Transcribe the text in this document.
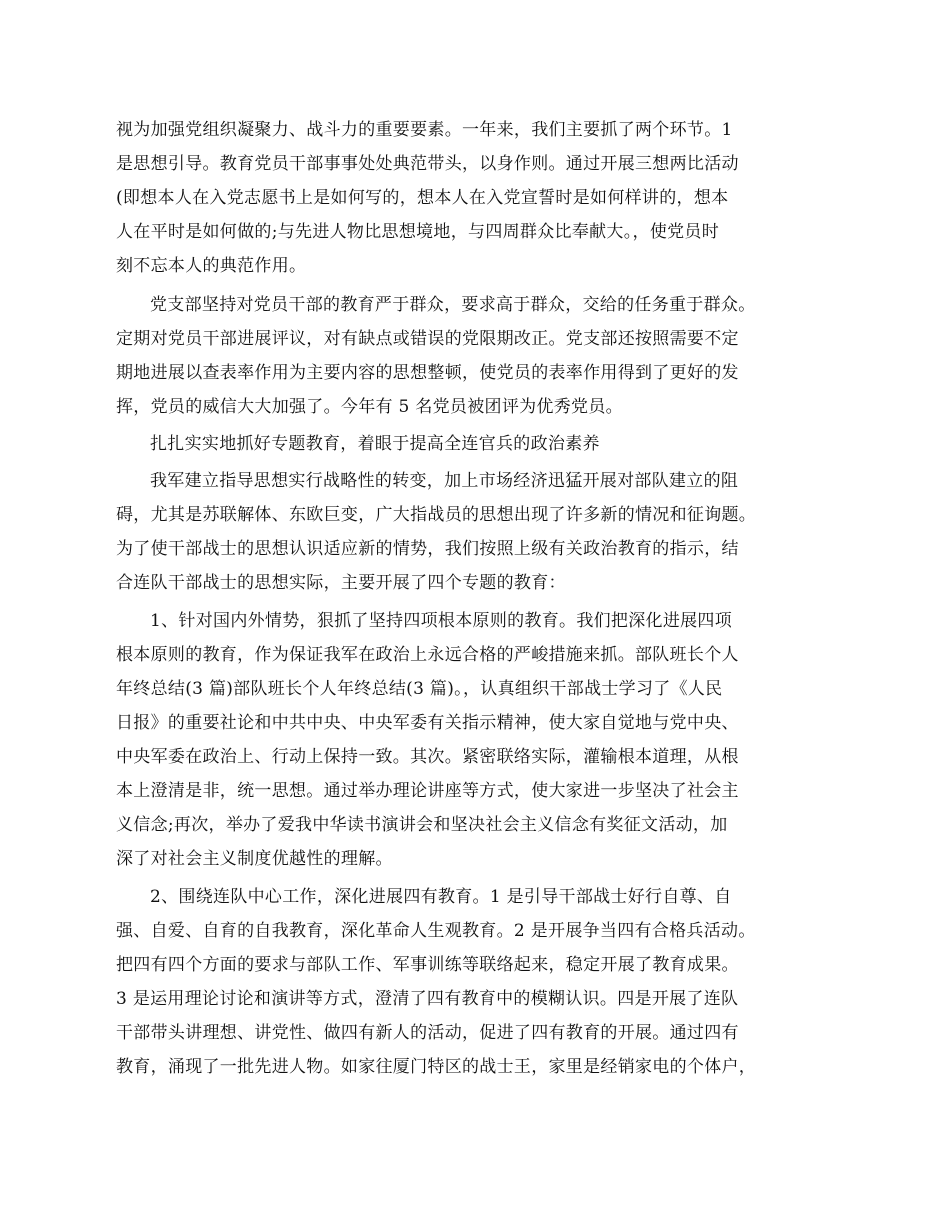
视为加强党组织凝聚力、战斗力的重要要素。一年来，我们主要抓了两个环节。1
是思想引导。教育党员干部事事处处典范带头，以身作则。通过开展三想两比活动
(即想本人在入党志愿书上是如何写的，想本人在入党宣誓时是如何样讲的，想本
人在平时是如何做的;与先进人物比思想境地，与四周群众比奉献大。，使党员时
刻不忘本人的典范作用。
党支部坚持对党员干部的教育严于群众，要求高于群众，交给的任务重于群众。
定期对党员干部进展评议，对有缺点或错误的党限期改正。党支部还按照需要不定
期地进展以查表率作用为主要内容的思想整顿，使党员的表率作用得到了更好的发
挥，党员的威信大大加强了。今年有 5 名党员被团评为优秀党员。
扎扎实实地抓好专题教育，着眼于提高全连官兵的政治素养
我军建立指导思想实行战略性的转变，加上市场经济迅猛开展对部队建立的阻
碍，尤其是苏联解体、东欧巨变，广大指战员的思想出现了许多新的情况和征询题。
为了使干部战士的思想认识适应新的情势，我们按照上级有关政治教育的指示，结
合连队干部战士的思想实际，主要开展了四个专题的教育：
1、针对国内外情势，狠抓了坚持四项根本原则的教育。我们把深化进展四项
根本原则的教育，作为保证我军在政治上永远合格的严峻措施来抓。部队班长个人
年终总结(3 篇)部队班长个人年终总结(3 篇)。，认真组织干部战士学习了《人民
日报》的重要社论和中共中央、中央军委有关指示精神，使大家自觉地与党中央、
中央军委在政治上、行动上保持一致。其次。紧密联络实际，灌输根本道理，从根
本上澄清是非，统一思想。通过举办理论讲座等方式，使大家进一步坚决了社会主
义信念;再次，举办了爱我中华读书演讲会和坚决社会主义信念有奖征文活动，加
深了对社会主义制度优越性的理解。
2、围绕连队中心工作，深化进展四有教育。1 是引导干部战士好行自尊、自
强、自爱、自育的自我教育，深化革命人生观教育。2 是开展争当四有合格兵活动。
把四有四个方面的要求与部队工作、军事训练等联络起来，稳定开展了教育成果。
3 是运用理论讨论和演讲等方式，澄清了四有教育中的模糊认识。四是开展了连队
干部带头讲理想、讲党性、做四有新人的活动，促进了四有教育的开展。通过四有
教育，涌现了一批先进人物。如家往厦门特区的战士王，家里是经销家电的个体户，
